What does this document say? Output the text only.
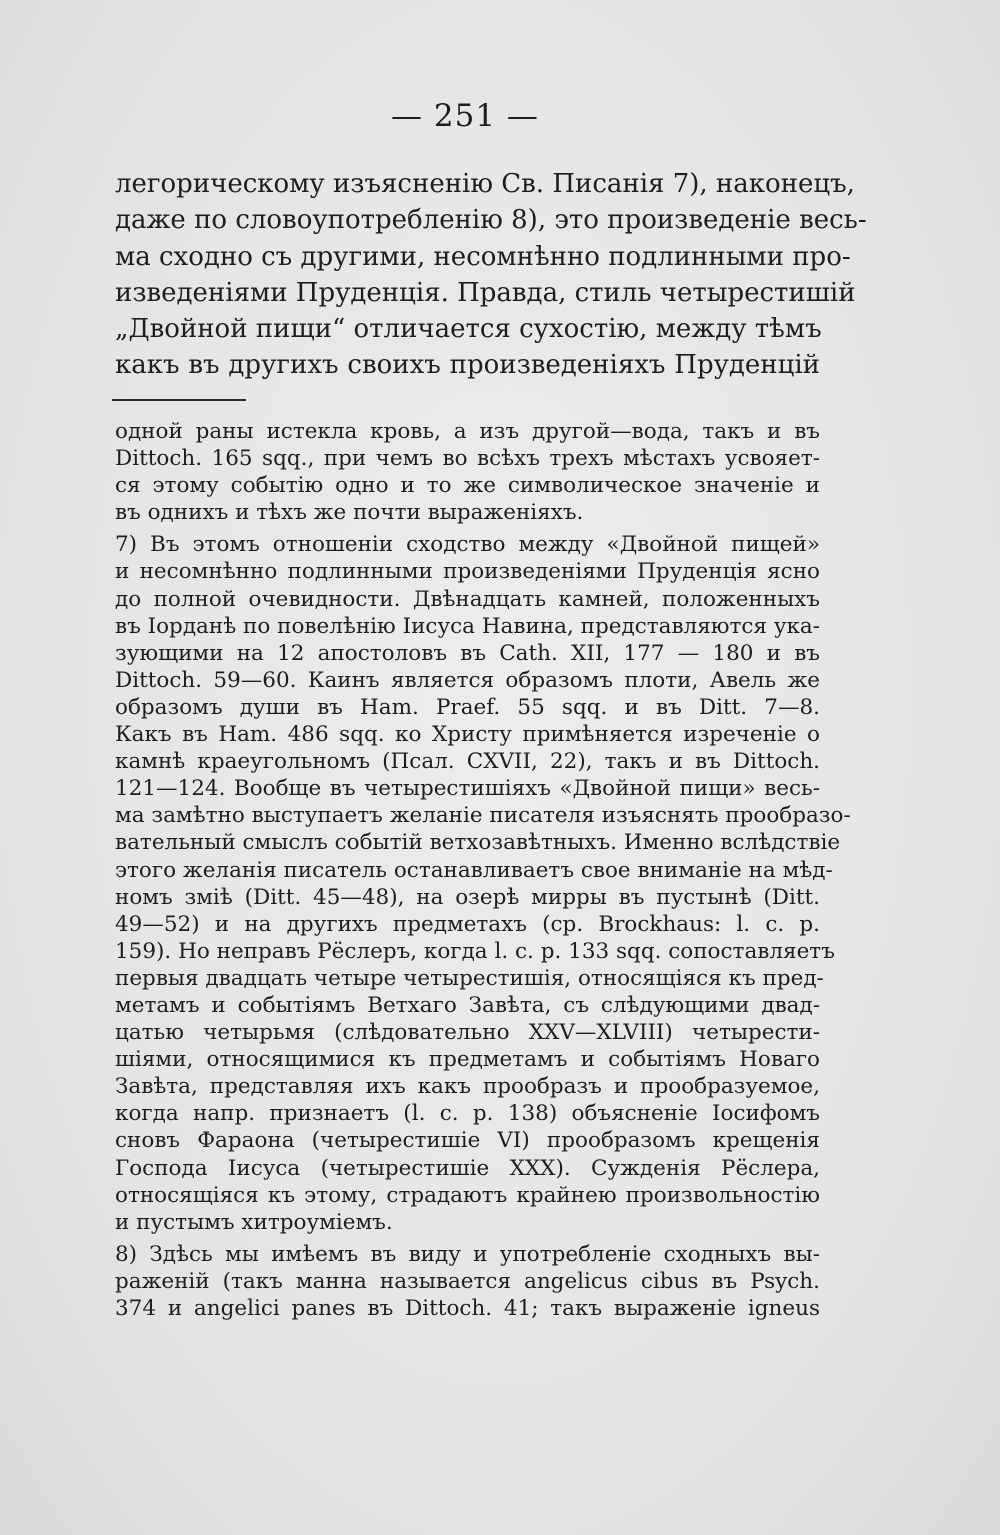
— 251 —
легорическому изъясненію Св. Писанія 7), наконецъ,
даже по словоупотребленію 8), это произведеніе весь-
ма сходно съ другими, несомнѣнно подлинными про-
изведеніями Пруденція. Правда, стиль четырестишій
„Двойной пищи“ отличается сухостію, между тѣмъ
какъ въ другихъ своихъ произведеніяхъ Пруденцій
одной раны истекла кровь, а изъ другой—вода, такъ и въ
Dittoch. 165 sqq., при чемъ во всѣхъ трехъ мѣстахъ усвояет-
ся этому событію одно и то же символическое значеніе и
въ однихъ и тѣхъ же почти выраженіяхъ.
7) Въ этомъ отношеніи сходство между «Двойной пищей»
и несомнѣнно подлинными произведеніями Пруденція ясно
до полной очевидности. Двѣнадцать камней, положенныхъ
въ Іорданѣ по повелѣнію Іисуса Навина, представляются ука-
зующими на 12 апостоловъ въ Cath. XII, 177 — 180 и въ
Dittoch. 59—60. Каинъ является образомъ плоти, Авель же
образомъ души въ Ham. Praef. 55 sqq. и въ Ditt. 7—8.
Какъ въ Ham. 486 sqq. ко Христу примѣняется изреченіе о
камнѣ краеугольномъ (Псал. CXVII, 22), такъ и въ Dittoch.
121—124. Вообще въ четырестишіяхъ «Двойной пищи» весь-
ма замѣтно выступаетъ желаніе писателя изъяснять прообразо-
вательный смыслъ событій ветхозавѣтныхъ. Именно вслѣдствіе
этого желанія писатель останавливаетъ свое вниманіе на мѣд-
номъ змiѣ (Ditt. 45—48), на озерѣ мирры въ пустынѣ (Ditt.
49—52) и на другихъ предметахъ (ср. Brockhaus: l. c. p.
159). Но неправъ Рёслеръ, когда l. c. p. 133 sqq. сопоставляетъ
первыя двадцать четыре четырестишія, относящіяся къ пред-
метамъ и событіямъ Ветхаго Завѣта, съ слѣдующими двад-
цатью четырьмя (слѣдовательно XXV—XLVIII) четырести-
шіями, относящимися къ предметамъ и событіямъ Новаго
Завѣта, представляя ихъ какъ прообразъ и прообразуемое,
когда напр. признаетъ (l. c. p. 138) объясненіе Іосифомъ
сновъ Фараона (четырестишіе VI) прообразомъ крещенія
Господа Іисуса (четырестишіе XXX). Сужденія Рёслера,
относящіяся къ этому, страдаютъ крайнею произвольностію
и пустымъ хитроуміемъ.
8) Здѣсь мы имѣемъ въ виду и употребленіе сходныхъ вы-
раженій (такъ манна называется angelicus cibus въ Psych.
374 и angelici panes въ Dittoch. 41; такъ выраженіе igneus
